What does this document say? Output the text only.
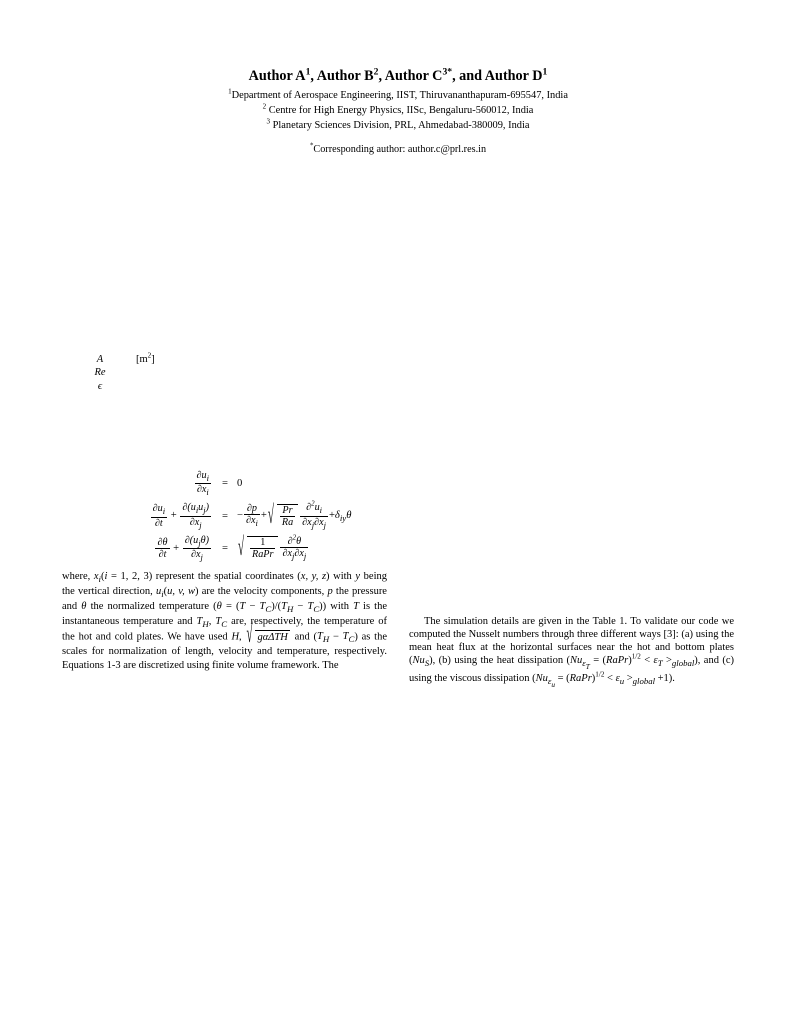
Author $A^1$, Author $B^2$, Author $C^{3*}$, and Author $D^1$
$^1$Department of Aerospace Engineering, IIST, Thiruvananthapuram-695547, India
$^2$ Centre for High Energy Physics, IISc, Bengaluru-560012, India
$^3$ Planetary Sciences Division, PRL, Ahmedabad-380009, India
*Corresponding author: author.c@prl.res.in
A		$[m^2]$
Re		
ϵ		

$\frac{\partial u_i}{\partial x_i} = 0$
$\frac{\partial u_i}{\partial t} + \frac{\partial(u_iu_j)}{\partial x_j}$ = − $\frac{\partial p}{\partial x_i}$ + √ $\frac{Pr}{Ra} \frac{\partial^2u_i}{\partial x_j\partial x_j} +\delta_{iy}\theta$
$\frac{\partial\theta}{\partial t} + \frac{\partial(u_j\theta)}{\partial x_j}$ = √ $\frac{1}{\text{RaPr}} \frac{\partial^2\theta}{\partial x_j\partial x_j}$

where, $x_i(i = 1$, 2, 3) represent the spatial coordinates (x, y, z) with y being the vertical direction, $u_i(u$, v, w) are the velocity components, p the pressure and θ the normalized temperature $(\theta = (T - T_C)/(T_H - T_C))$ with T is the instantaneous temperature and $T_H$, $T_C$ are, respectively, the temperature of the hot and cold plates. We have used H, √ gαΔTH and $(T_H - T_C)$ as the scales for normalization of length, velocity and temperature, respectively. Equations 1-3 are discretized using finite volume framework. The

The simulation details are given in the Table 1. To validate our code we computed the Nusselt numbers through three different ways [3]: (a) using the mean heat flux at the horizontal surfaces near the hot and bottom plates $(Nu_S)$, (b) using the heat dissipation ($Nu_{\varepsilon_T}$ = (RaPr)$^{1/2}$ < $\varepsilon_T >_{global}$), and (c) using the viscous dissipation ($Nu_{\varepsilon_u}$ = (RaPr)$^{1/2}$ < $\varepsilon_u >_{global} +1$).
